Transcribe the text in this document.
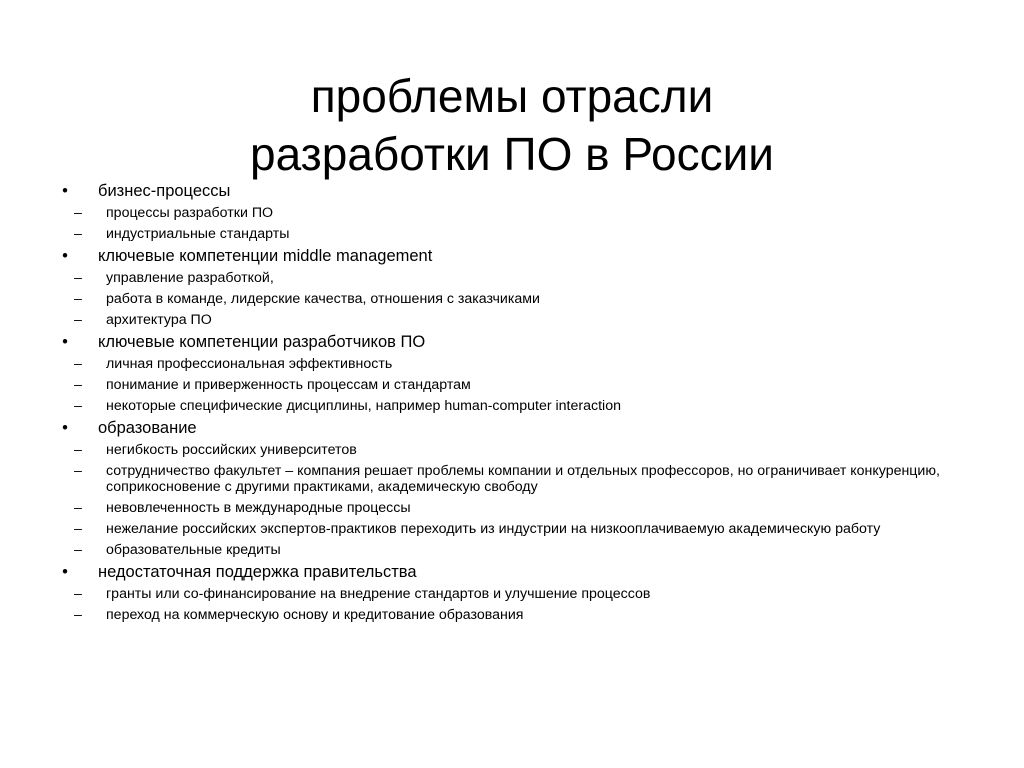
проблемы отрасли
разработки ПО в России
• бизнес-процессы
– процессы разработки ПО
– индустриальные стандарты
• ключевые компетенции middle management
– управление разработкой,
– работа в команде, лидерские качества, отношения с заказчиками
– архитектура ПО
• ключевые компетенции разработчиков ПО
– личная профессиональная эффективность
– понимание и приверженность процессам и стандартам
– некоторые специфические дисциплины, например human-computer interaction
• образование
– негибкость российских университетов
– сотрудничество факультет – компания решает проблемы компании и отдельных профессоров, но ограничивает конкуренцию, соприкосновение с другими практиками, академическую свободу
– невовлеченность в международные процессы
– нежелание российских экспертов-практиков переходить из индустрии на низкооплачиваемую академическую работу
– образовательные кредиты
• недостаточная поддержка правительства
– гранты или со-финансирование на внедрение стандартов и улучшение процессов
– переход на коммерческую основу и кредитование образования
